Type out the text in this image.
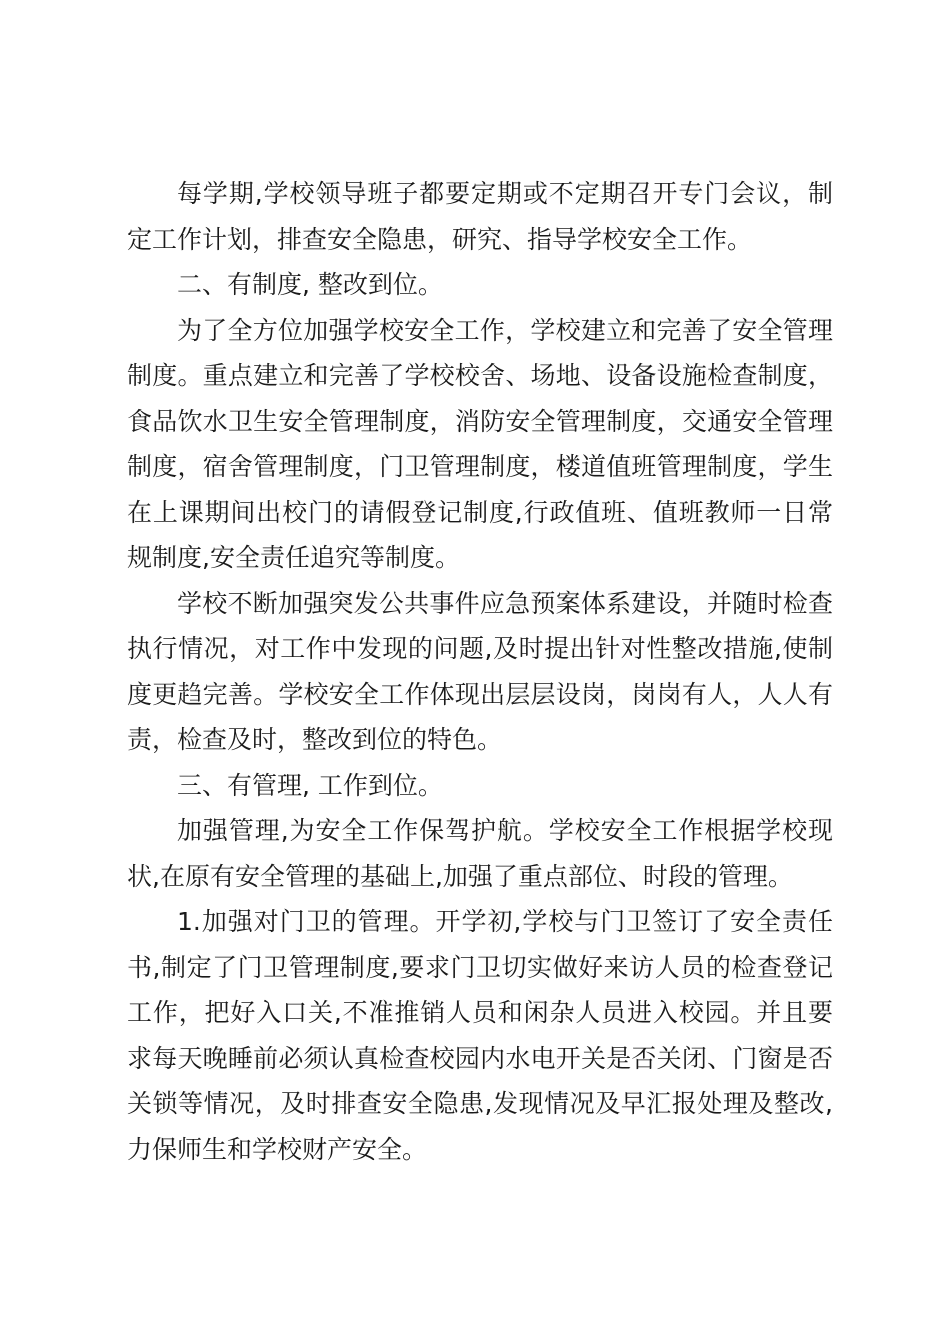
每学期,学校领导班子都要定期或不定期召开专门会议，制定工作计划，排查安全隐患，研究、指导学校安全工作。

二、有制度, 整改到位。

为了全方位加强学校安全工作，学校建立和完善了安全管理制度。重点建立和完善了学校校舍、场地、设备设施检查制度，食品饮水卫生安全管理制度，消防安全管理制度，交通安全管理制度，宿舍管理制度，门卫管理制度，楼道值班管理制度，学生在上课期间出校门的请假登记制度,行政值班、值班教师一日常规制度,安全责任追究等制度。

学校不断加强突发公共事件应急预案体系建设，并随时检查执行情况，对工作中发现的问题,及时提出针对性整改措施,使制度更趋完善。学校安全工作体现出层层设岗，岗岗有人，人人有责，检查及时，整改到位的特色。

三、有管理, 工作到位。

加强管理,为安全工作保驾护航。学校安全工作根据学校现状,在原有安全管理的基础上,加强了重点部位、时段的管理。

1.加强对门卫的管理。开学初,学校与门卫签订了安全责任书,制定了门卫管理制度,要求门卫切实做好来访人员的检查登记工作，把好入口关,不准推销人员和闲杂人员进入校园。并且要求每天晚睡前必须认真检查校园内水电开关是否关闭、门窗是否关锁等情况，及时排查安全隐患,发现情况及早汇报处理及整改,力保师生和学校财产安全。
